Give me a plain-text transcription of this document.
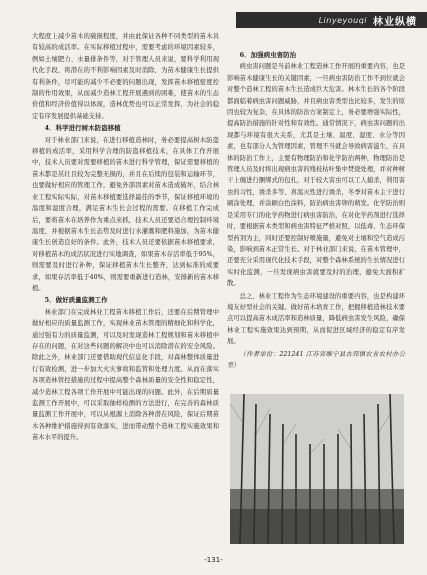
Linyeyouqi 林业纵横

大程度上减少苗木的破损程度，并由此保证各种不同类型的苗木具有较高的成活率。在实际移植过程中，需要考虑的环境因素较多，例如土壤肥力、水量排条件等，对于管理人员来说，要科学利用现代化手段，将潜在的不利影响因素及时消除，为苗木健康生长提供有利条件，尽可能的减少不必要的问题出现，发挥苗木移植密度控制的作用效果，从而减少造林工程开展遇到的困难，使苗木的生态价值和经济价值得以体现，造林优势也可以正常发挥，为社会的稳定有序发展提供基础支持。

4．科学进行树木防盗移植

对于林业部门来说，在进行移植造林时，务必要提高树木防盗移植的成活率，采用科学合理的防盗移植技术，在具体工作开展中，技术人员要对需要移植的苗木进行科学管理，保证需要移植的苗木都是茁壮且较为完整无损的，并且在后续的包装和运输环节，也要做好相应的管理工作，避免外部因素对苗木造成破坏，结合林业工程实际实际，对苗木移植要选择最佳的季节，保证移植环境的温度和湿度合理，满足苗木生长会过程的需要。在移植工作完成后，要将苗木在培养作为重点来抓，技术人员还要适合理控制环境温度，并根据苗木生长态势及时进行水灌溉和肥料施加，为苗木健康生长创造良好的条件。此外，技术人员还要依据苗木移植要求，对移植苗木的成活状况进行实地调查，如果苗木存活率低于95%，则需要及时进行补种，保证移植苗木生长整齐，达到标准的成要求，如果存活率低于40%，则需要重新进行造林，安排新的苗木移植。

5．做好质量监测工作

林业部门在完成林业工程苗木移植工作后，还要在后期管理中做好相应的质量监测工作，实现林业苗木管理的精细化和科学化，通过强有力的质量监测，可以及时发现造林工程规划和苗木移植中存在的问题，在对这些问题的解决中也可以消除潜在的安全风险。除此之外，林业部门还要借助现代信息化手段，对森林整体质量进行有效检测，进一步加大火灾事故和监管和处理力度。从而在落实各项造林管控措施的过程中提高整个森林质量的安全性和稳定性，减少造林工程各项工作开展中可能出现的问题。此外，在后期质量监测工作开展中，可以采取抽样检测的方法进行，在完善的森林质量监测工作开展中，可以从根源上消除各种潜在风险，保证后期苗木各种维护措施得到有效落实，进而带动整个造林工程实施效果和苗木水平的提升。

6．加强病虫害防治

病虫害问题是当前林业工程造林工作开展的重要内容，也是影响苗木健康生长的关键因素，一旦病虫害防治工作不到位就会对整个造林工程的苗木生长造成巨大危害。林木生长的各个阶段都面临着病虫害问题威胁，并且病虫害类型也比较多，发生的原因也较为复杂，在具体的防治方案制定上，务必要增强实际性，提高防治措施的针对性和有效性。通常情况下，病虫害问题的出现都与环境有很大关系，尤其是土壤、温度、湿度、水分等因素，也有部分人为管理因素，管理不当就会导致病害滋生，在具体的防治工作上，主要有物理防治和化学防治两种，物理防治是管理人员及时将出现病虫害的残枝枯叶集中焚烧处理，并对种树干上缠进行捆绑式的包扎，对于较大害虫可以工人捕杀，利用害虫的习性，诱杀多等、喜温灭性进行诱杀，冬季对苗木主干进行刷涂处理，并涂刷白色涂料，防治病虫害卵的萌发。化学防治则是采用专门的化学药物进行病虫害防治，在对化学药剂进行选择时，要根据苗木类型和病虫害特征严格对照，以低毒、生态环保型药剂为主，同时还要控制好喷施量，避免对土壤和空气造成污染，影响到苗木正常生长。对于林业部门来说，在苗木管理中，还要充分采用现代化技术手段，对整个森林系统的生长情况进行实时化监测，一旦发现病虫害就要及时的治理，避免大面积扩散。

总之，林业工程作为生态环境建设的重要内容，也是构建环境友好型社会的关键。做好苗木培育工作，把握移植造林技术要点可以提高苗木成活率和造林质量，降低病虫害发生风险，确保林业工程实施效果达到预期，从而促进区域经济的稳定有序发展。

（作者单位：221241 江苏省睢宁县古邳镇农业农村办公室）

-131-
